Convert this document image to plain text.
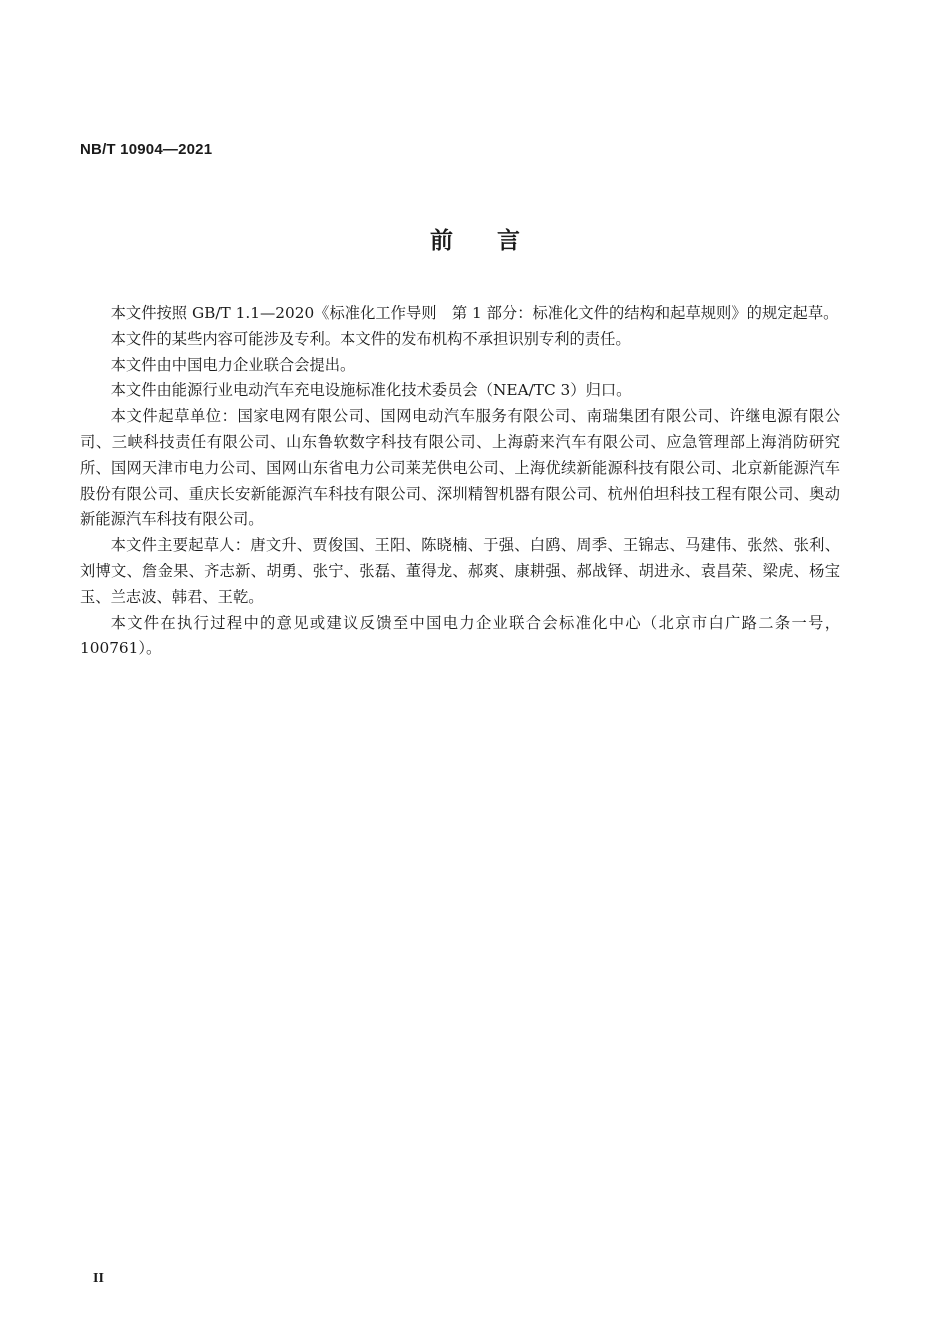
NB/T 10904—2021
前 言

本文件按照 GB/T 1.1—2020《标准化工作导则　第 1 部分：标准化文件的结构和起草规则》的规定起草。

本文件的某些内容可能涉及专利。本文件的发布机构不承担识别专利的责任。

本文件由中国电力企业联合会提出。

本文件由能源行业电动汽车充电设施标准化技术委员会（NEA/TC 3）归口。

本文件起草单位：国家电网有限公司、国网电动汽车服务有限公司、南瑞集团有限公司、许继电源有限公司、三峡科技责任有限公司、山东鲁软数字科技有限公司、上海蔚来汽车有限公司、应急管理部上海消防研究所、国网天津市电力公司、国网山东省电力公司莱芜供电公司、上海优续新能源科技有限公司、北京新能源汽车股份有限公司、重庆长安新能源汽车科技有限公司、深圳精智机器有限公司、杭州伯坦科技工程有限公司、奥动新能源汽车科技有限公司。

本文件主要起草人：唐文升、贾俊国、王阳、陈晓楠、于强、白鸥、周季、王锦志、马建伟、张然、张利、刘博文、詹金果、齐志新、胡勇、张宁、张磊、董得龙、郝爽、康耕强、郝战铎、胡进永、袁昌荣、梁虎、杨宝玉、兰志波、韩君、王乾。

本文件在执行过程中的意见或建议反馈至中国电力企业联合会标准化中心（北京市白广路二条一号，100761）。

II
